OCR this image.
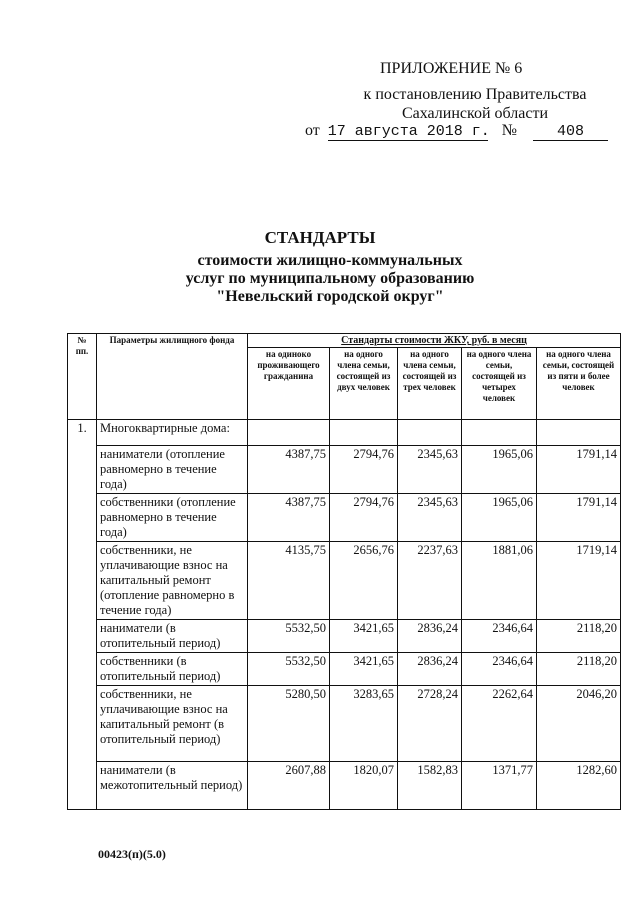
ПРИЛОЖЕНИЕ № 6
к постановлению Правительства
Сахалинской области
от 17 августа 2018 г. №	408
СТАНДАРТЫ
стоимости жилищно-коммунальных
услуг по муниципальному образованию
"Невельский городской округ"
№ пп.	Параметры жилищного фонда	Стандарты стоимости ЖКУ, руб. в месяц				
		на одиноко проживающего гражданина	на одного члена семьи, состоящей из двух человек	на одного члена семьи, состоящей из трех человек	на одного члена семьи, состоящей из четырех человек	на одного члена семьи, состоящей из пяти и более человек
1.	Многоквартирные дома:					
	наниматели (отопление равномерно в течение года)	4387,75	2794,76	2345,63	1965,06	1791,14
	собственники (отопление равномерно в течение года)	4387,75	2794,76	2345,63	1965,06	1791,14
	собственники, не уплачивающие взнос на капитальный ремонт (отопление равномерно в течение года)	4135,75	2656,76	2237,63	1881,06	1719,14
	наниматели (в отопительный период)	5532,50	3421,65	2836,24	2346,64	2118,20
	собственники (в отопительный период)	5532,50	3421,65	2836,24	2346,64	2118,20
	собственники, не уплачивающие взнос на капитальный ремонт (в отопительный период)	5280,50	3283,65	2728,24	2262,64	2046,20
	наниматели (в межотопительный период)	2607,88	1820,07	1582,83	1371,77	1282,60
00423(п)(5.0)
